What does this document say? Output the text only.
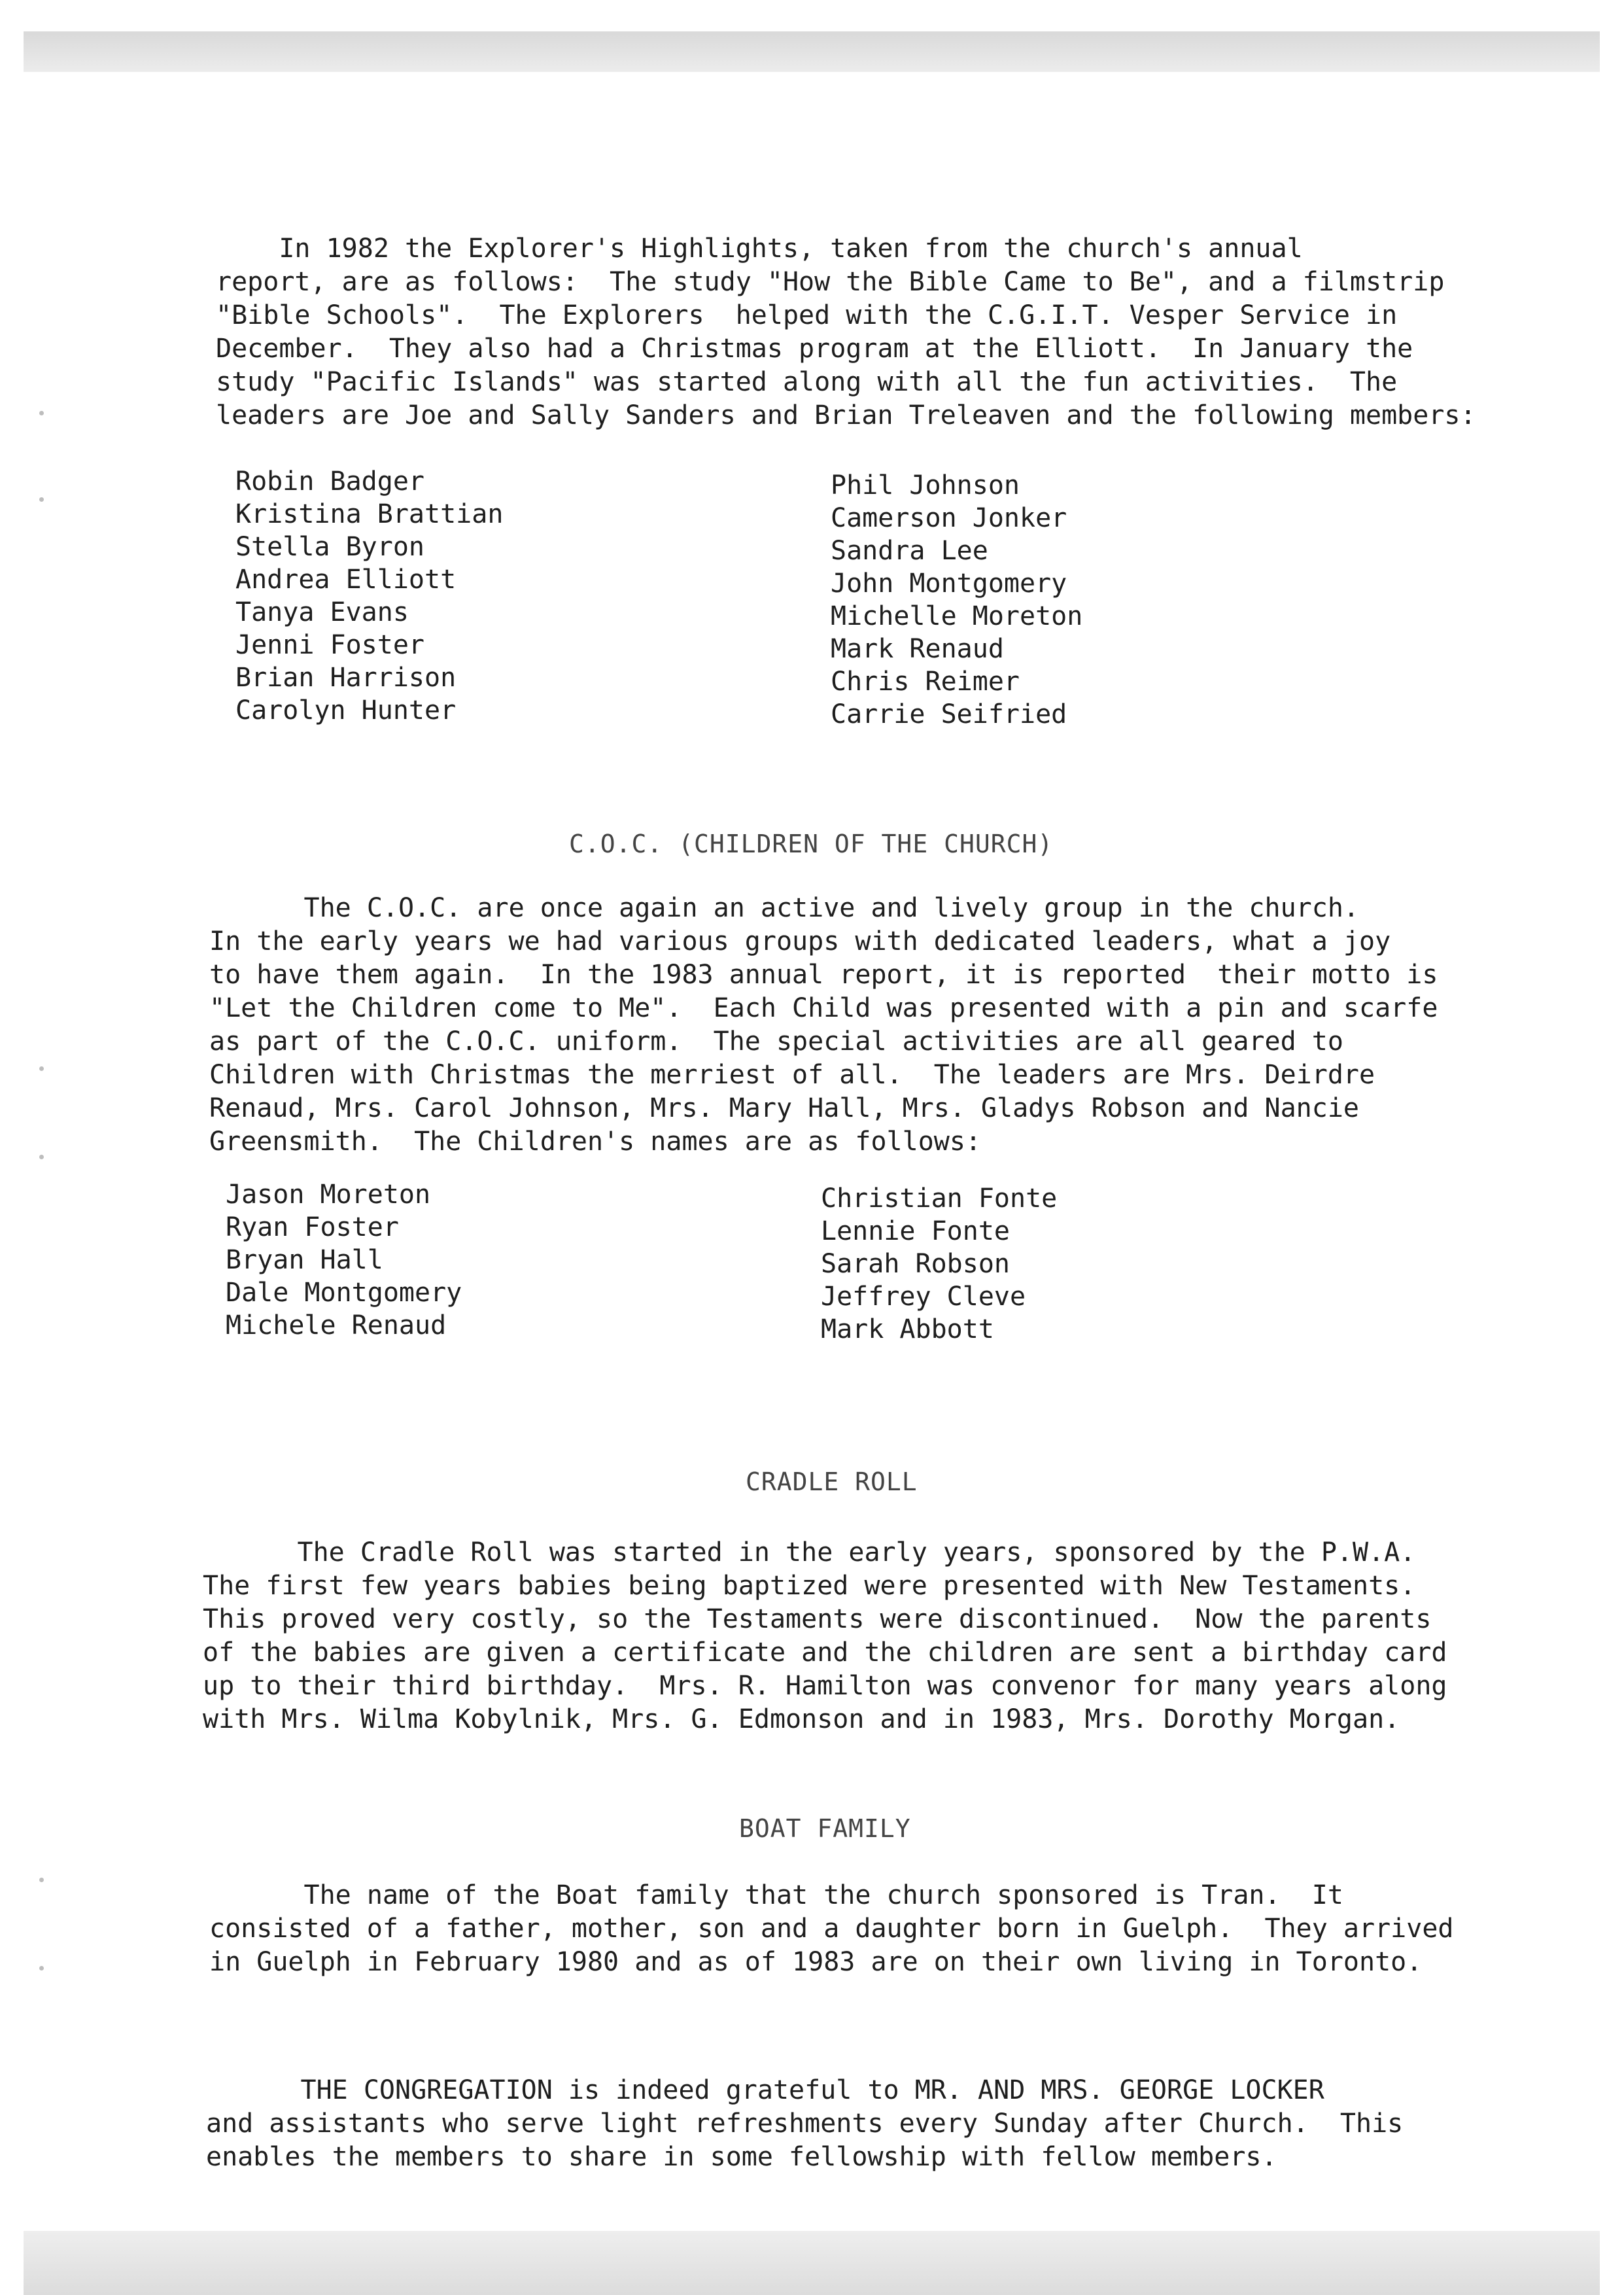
In 1982 the Explorer's Highlights, taken from the church's annual
report, are as follows:  The study "How the Bible Came to Be", and a filmstrip
"Bible Schools".  The Explorers  helped with the C.G.I.T. Vesper Service in
December.  They also had a Christmas program at the Elliott.  In January the
study "Pacific Islands" was started along with all the fun activities.  The
leaders are Joe and Sally Sanders and Brian Treleaven and the following members:

Robin Badger
Kristina Brattian
Stella Byron
Andrea Elliott
Tanya Evans
Jenni Foster
Brian Harrison
Carolyn Hunter
Phil Johnson
Camerson Jonker
Sandra Lee
John Montgomery
Michelle Moreton
Mark Renaud
Chris Reimer
Carrie Seifried
C.O.C. (CHILDREN OF THE CHURCH)

The C.O.C. are once again an active and lively group in the church.
In the early years we had various groups with dedicated leaders, what a joy
to have them again.  In the 1983 annual report, it is reported  their motto is
"Let the Children come to Me".  Each Child was presented with a pin and scarfe
as part of the C.O.C. uniform.  The special activities are all geared to
Children with Christmas the merriest of all.  The leaders are Mrs. Deirdre
Renaud, Mrs. Carol Johnson, Mrs. Mary Hall, Mrs. Gladys Robson and Nancie
Greensmith.  The Children's names are as follows:

Jason Moreton
Ryan Foster
Bryan Hall
Dale Montgomery
Michele Renaud
Christian Fonte
Lennie Fonte
Sarah Robson
Jeffrey Cleve
Mark Abbott
CRADLE ROLL

The Cradle Roll was started in the early years, sponsored by the P.W.A.
The first few years babies being baptized were presented with New Testaments.
This proved very costly, so the Testaments were discontinued.  Now the parents
of the babies are given a certificate and the children are sent a birthday card
up to their third birthday.  Mrs. R. Hamilton was convenor for many years along
with Mrs. Wilma Kobylnik, Mrs. G. Edmonson and in 1983, Mrs. Dorothy Morgan.

BOAT FAMILY

The name of the Boat family that the church sponsored is Tran.  It
consisted of a father, mother, son and a daughter born in Guelph.  They arrived
in Guelph in February 1980 and as of 1983 are on their own living in Toronto.

THE CONGREGATION is indeed grateful to MR. AND MRS. GEORGE LOCKER
and assistants who serve light refreshments every Sunday after Church.  This
enables the members to share in some fellowship with fellow members.
